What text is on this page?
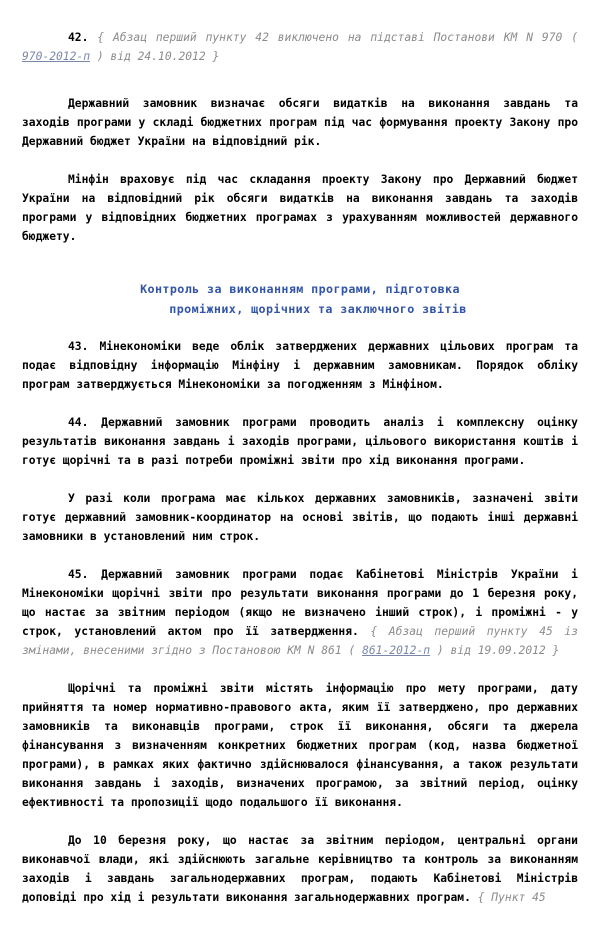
42. { Абзац перший пункту 42 виключено на підставі Постанови КМ N 970 ( 970-2012-п ) від 24.10.2012 }

Державний замовник визначає обсяги видатків на виконання завдань та заходів програми у складі бюджетних програм під час формування проекту Закону про Державний бюджет України на відповідний рік.

Мінфін враховує під час складання проекту Закону про Державний бюджет України на відповідний рік обсяги видатків на виконання завдань та заходів програми у відповідних бюджетних програмах з урахуванням можливостей державного бюджету.

Контроль за виконанням програми, підготовка
проміжних, щорічних та заключного звітів

43. Мінекономіки веде облік затверджених державних цільових програм та подає відповідну інформацію Мінфіну і державним замовникам. Порядок обліку програм затверджується Мінекономіки за погодженням з Мінфіном.

44. Державний замовник програми проводить аналіз і комплексну оцінку результатів виконання завдань і заходів програми, цільового використання коштів і готує щорічні та в разі потреби проміжні звіти про хід виконання програми.

У разі коли програма має кількох державних замовників, зазначені звіти готує державний замовник-координатор на основі звітів, що подають інші державні замовники в установлений ним строк.

45. Державний замовник програми подає Кабінетові Міністрів України і Мінекономіки щорічні звіти про результати виконання програми до 1 березня року, що настає за звітним періодом (якщо не визначено інший строк), і проміжні - у строк, установлений актом про її затвердження. { Абзац перший пункту 45 із змінами, внесеними згідно з Постановою КМ N 861 ( 861-2012-п ) від 19.09.2012 }

Щорічні та проміжні звіти містять інформацію про мету програми, дату прийняття та номер нормативно-правового акта, яким її затверджено, про державних замовників та виконавців програми, строк її виконання, обсяги та джерела фінансування з визначенням конкретних бюджетних програм (код, назва бюджетної програми), в рамках яких фактично здійснювалося фінансування, а також результати виконання завдань і заходів, визначених програмою, за звітний період, оцінку ефективності та пропозиції щодо подальшого її виконання.

До 10 березня року, що настає за звітним періодом, центральні органи виконавчої влади, які здійснюють загальне керівництво та контроль за виконанням заходів і завдань загальнодержавних програм, подають Кабінетові Міністрів доповіді про хід і результати виконання загальнодержавних програм. { Пункт 45
